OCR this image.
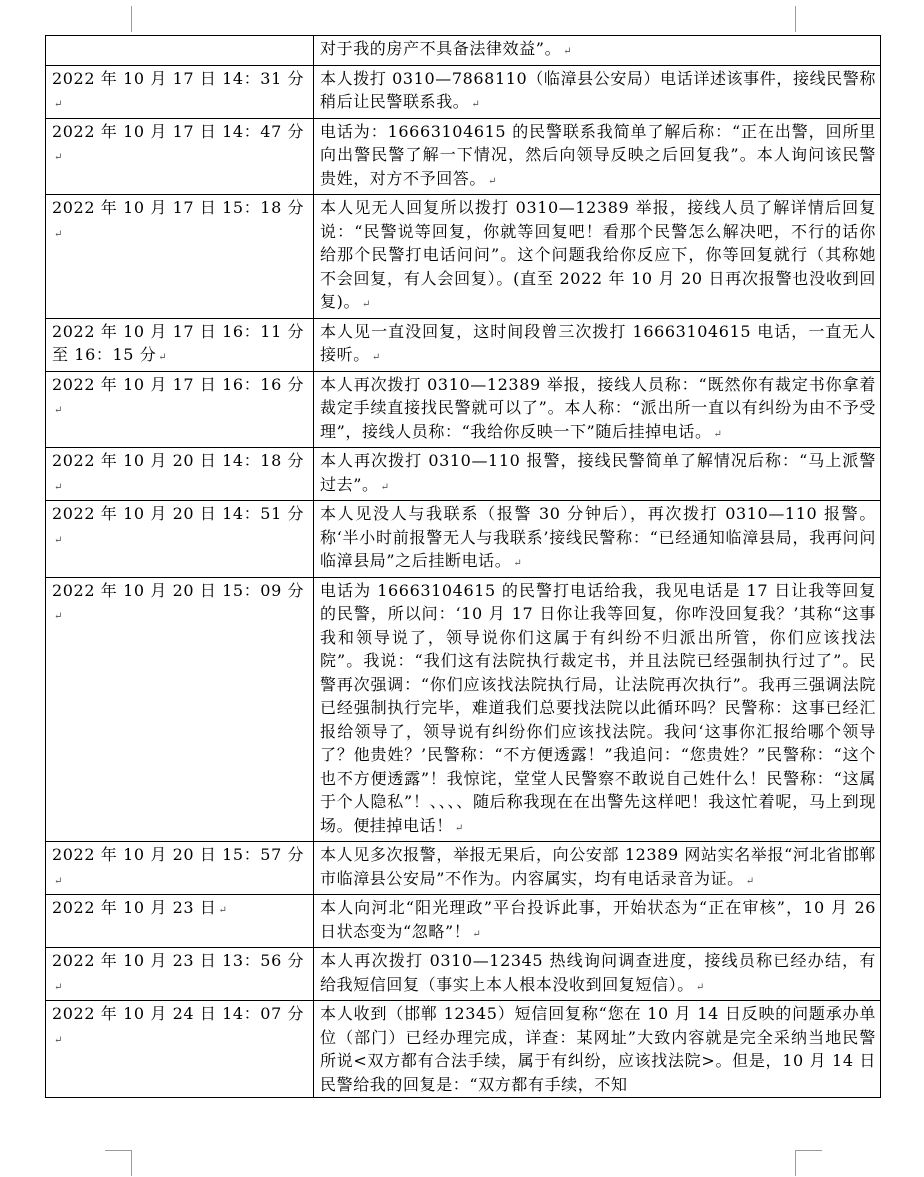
	对于我的房产不具备法律效益”。 ↵
2022 年 10 月 17 日 14：31 分↵	本人拨打 0310—7868110（临漳县公安局）电话详述该事件，接线民警称稍后让民警联系我。 ↵
2022 年 10 月 17 日 14：47 分↵	电话为：16663104615 的民警联系我简单了解后称：“正在出警，回所里向出警民警了解一下情况，然后向领导反映之后回复我”。本人询问该民警贵姓，对方不予回答。 ↵
2022 年 10 月 17 日 15：18 分↵	本人见无人回复所以拨打 0310—12389 举报，接线人员了解详情后回复说：“民警说等回复，你就等回复吧！看那个民警怎么解决吧，不行的话你给那个民警打电话问问”。这个问题我给你反应下，你等回复就行（其称她不会回复，有人会回复）。(直至 2022 年 10 月 20 日再次报警也没收到回复)。 ↵
2022 年 10 月 17 日 16：11 分至 16：15 分 ↵	本人见一直没回复，这时间段曾三次拨打 16663104615 电话，一直无人接听。 ↵
2022 年 10 月 17 日 16：16 分↵	本人再次拨打 0310—12389 举报，接线人员称：“既然你有裁定书你拿着裁定手续直接找民警就可以了”。本人称：“派出所一直以有纠纷为由不予受理”，接线人员称：“我给你反映一下”随后挂掉电话。 ↵
2022 年 10 月 20 日 14：18 分↵	本人再次拨打 0310—110 报警，接线民警简单了解情况后称：“马上派警过去”。 ↵
2022 年 10 月 20 日 14：51 分↵	本人见没人与我联系（报警 30 分钟后），再次拨打 0310—110 报警。称‘半小时前报警无人与我联系’接线民警称：“已经通知临漳县局，我再问问临漳县局”之后挂断电话。 ↵
2022 年 10 月 20 日 15：09 分↵	电话为 16663104615 的民警打电话给我，我见电话是 17 日让我等回复的民警，所以问：‘10 月 17 日你让我等回复，你咋没回复我？’其称“这事我和领导说了，领导说你们这属于有纠纷不归派出所管，你们应该找法院”。我说：“我们这有法院执行裁定书，并且法院已经强制执行过了”。民警再次强调：“你们应该找法院执行局，让法院再次执行”。我再三强调法院已经强制执行完毕，难道我们总要找法院以此循环吗？民警称：这事已经汇报给领导了，领导说有纠纷你们应该找法院。我问‘这事你汇报给哪个领导了？他贵姓？’民警称：“不方便透露！”我追问：“您贵姓？”民警称：“这个也不方便透露”！我惊诧，堂堂人民警察不敢说自己姓什么！民警称：“这属于个人隐私”！、、、、随后称我现在在出警先这样吧！我这忙着呢，马上到现场。便挂掉电话！ ↵
2022 年 10 月 20 日 15：57 分↵	本人见多次报警，举报无果后，向公安部 12389 网站实名举报“河北省邯郸市临漳县公安局”不作为。内容属实，均有电话录音为证。 ↵
2022 年 10 月 23 日 ↵	本人向河北“阳光理政”平台投诉此事，开始状态为“正在审核”，10 月 26 日状态变为“忽略”！ ↵
2022 年 10 月 23 日 13：56 分↵	本人再次拨打 0310—12345 热线询问调查进度，接线员称已经办结，有给我短信回复（事实上本人根本没收到回复短信）。 ↵
2022 年 10 月 24 日 14：07 分↵	本人收到（邯郸 12345）短信回复称“您在 10 月 14 日反映的问题承办单位（部门）已经办理完成，详查：某网址”大致内容就是完全采纳当地民警所说<双方都有合法手续，属于有纠纷，应该找法院>。但是，10 月 14 日民警给我的回复是：“双方都有手续，不知
